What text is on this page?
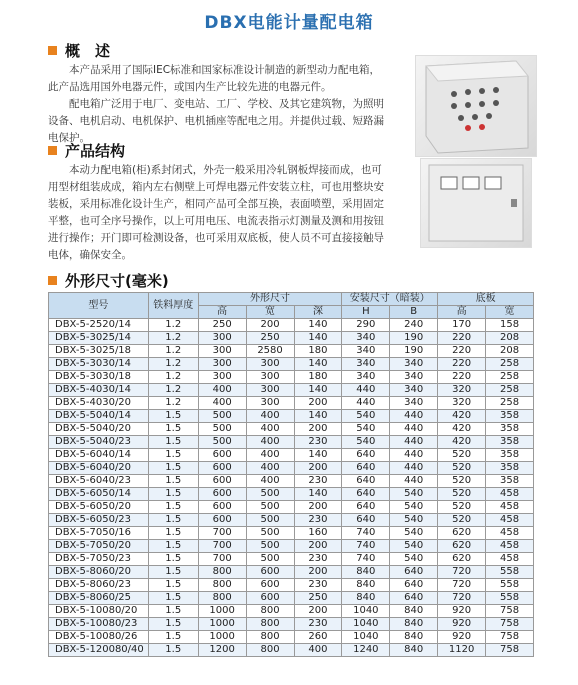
DBX电能计量配电箱
概　述

本产品采用了国际IEC标准和国家标准设计制造的新型动力配电箱，此产品选用国外电器元件，或国内生产比较先进的电器元件。

配电箱广泛用于电厂、变电站、工厂、学校、及其它建筑物，为照明设备、电机启动、电机保护、电机插座等配电之用。并提供过载、短路漏电保护。

产品结构

本动力配电箱(柜)系封闭式，外壳一般采用冷轧钢板焊接而成，也可用型材组装成成，箱内左右侧壁上可焊电器元件安装立柱，可也用整块安装板，采用标准化设计生产，相同产品可全部互换，表面喷塑，采用固定平整，也可全序号操作，以上可用电压、电流表指示灯测量及测和用按钮进行操作；开门即可检测设备，也可采用双底板，使人员不可直接接触导电体，确保安全。

外形尺寸(毫米)
型号	铁料厚度	外形尺寸			安装尺寸（暗装）		底板	
		高	宽	深	H	B	高	宽
DBX-5-2520/14	1.2	250	200	140	290	240	170	158
DBX-5-3025/14	1.2	300	250	140	340	190	220	208
DBX-5-3025/18	1.2	300	2580	180	340	190	220	208
DBX-5-3030/14	1.2	300	300	140	340	340	220	258
DBX-5-3030/18	1.2	300	300	180	340	340	220	258
DBX-5-4030/14	1.2	400	300	140	440	340	320	258
DBX-5-4030/20	1.2	400	300	200	440	340	320	258
DBX-5-5040/14	1.5	500	400	140	540	440	420	358
DBX-5-5040/20	1.5	500	400	200	540	440	420	358
DBX-5-5040/23	1.5	500	400	230	540	440	420	358
DBX-5-6040/14	1.5	600	400	140	640	440	520	358
DBX-5-6040/20	1.5	600	400	200	640	440	520	358
DBX-5-6040/23	1.5	600	400	230	640	440	520	358
DBX-5-6050/14	1.5	600	500	140	640	540	520	458
DBX-5-6050/20	1.5	600	500	200	640	540	520	458
DBX-5-6050/23	1.5	600	500	230	640	540	520	458
DBX-5-7050/16	1.5	700	500	160	740	540	620	458
DBX-5-7050/20	1.5	700	500	200	740	540	620	458
DBX-5-7050/23	1.5	700	500	230	740	540	620	458
DBX-5-8060/20	1.5	800	600	200	840	640	720	558
DBX-5-8060/23	1.5	800	600	230	840	640	720	558
DBX-5-8060/25	1.5	800	600	250	840	640	720	558
DBX-5-10080/20	1.5	1000	800	200	1040	840	920	758
DBX-5-10080/23	1.5	1000	800	230	1040	840	920	758
DBX-5-10080/26	1.5	1000	800	260	1040	840	920	758
DBX-5-120080/40	1.5	1200	800	400	1240	840	1120	758
